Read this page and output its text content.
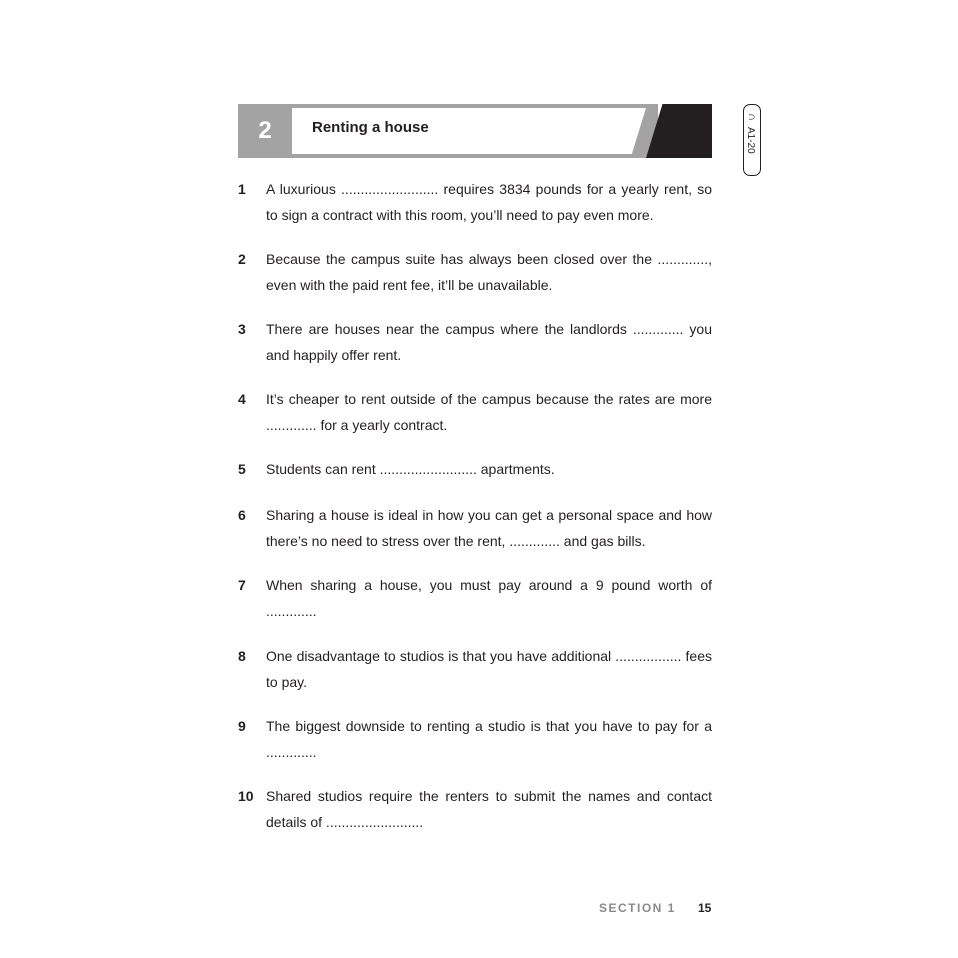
2	Renting a house
∩
A1-20
1 A luxurious ......................... requires 3834 pounds for a yearly rent, so to sign a contract with this room, you’ll need to pay even more.
2 Because the campus suite has always been closed over the ............., even with the paid rent fee, it’ll be unavailable.
3 There are houses near the campus where the landlords ............. you and happily offer rent.
4 It’s cheaper to rent outside of the campus because the rates are more ............. for a yearly contract.
5 Students can rent ......................... apartments.
6 Sharing a house is ideal in how you can get a personal space and how there’s no need to stress over the rent, ............. and gas bills.
7 When sharing a house, you must pay around a 9 pound worth of .............
8 One disadvantage to studios is that you have additional ................. fees to pay.
9 The biggest downside to renting a studio is that you have to pay for a .............
10 Shared studios require the renters to submit the names and contact details of .........................
SECTION 1 15
